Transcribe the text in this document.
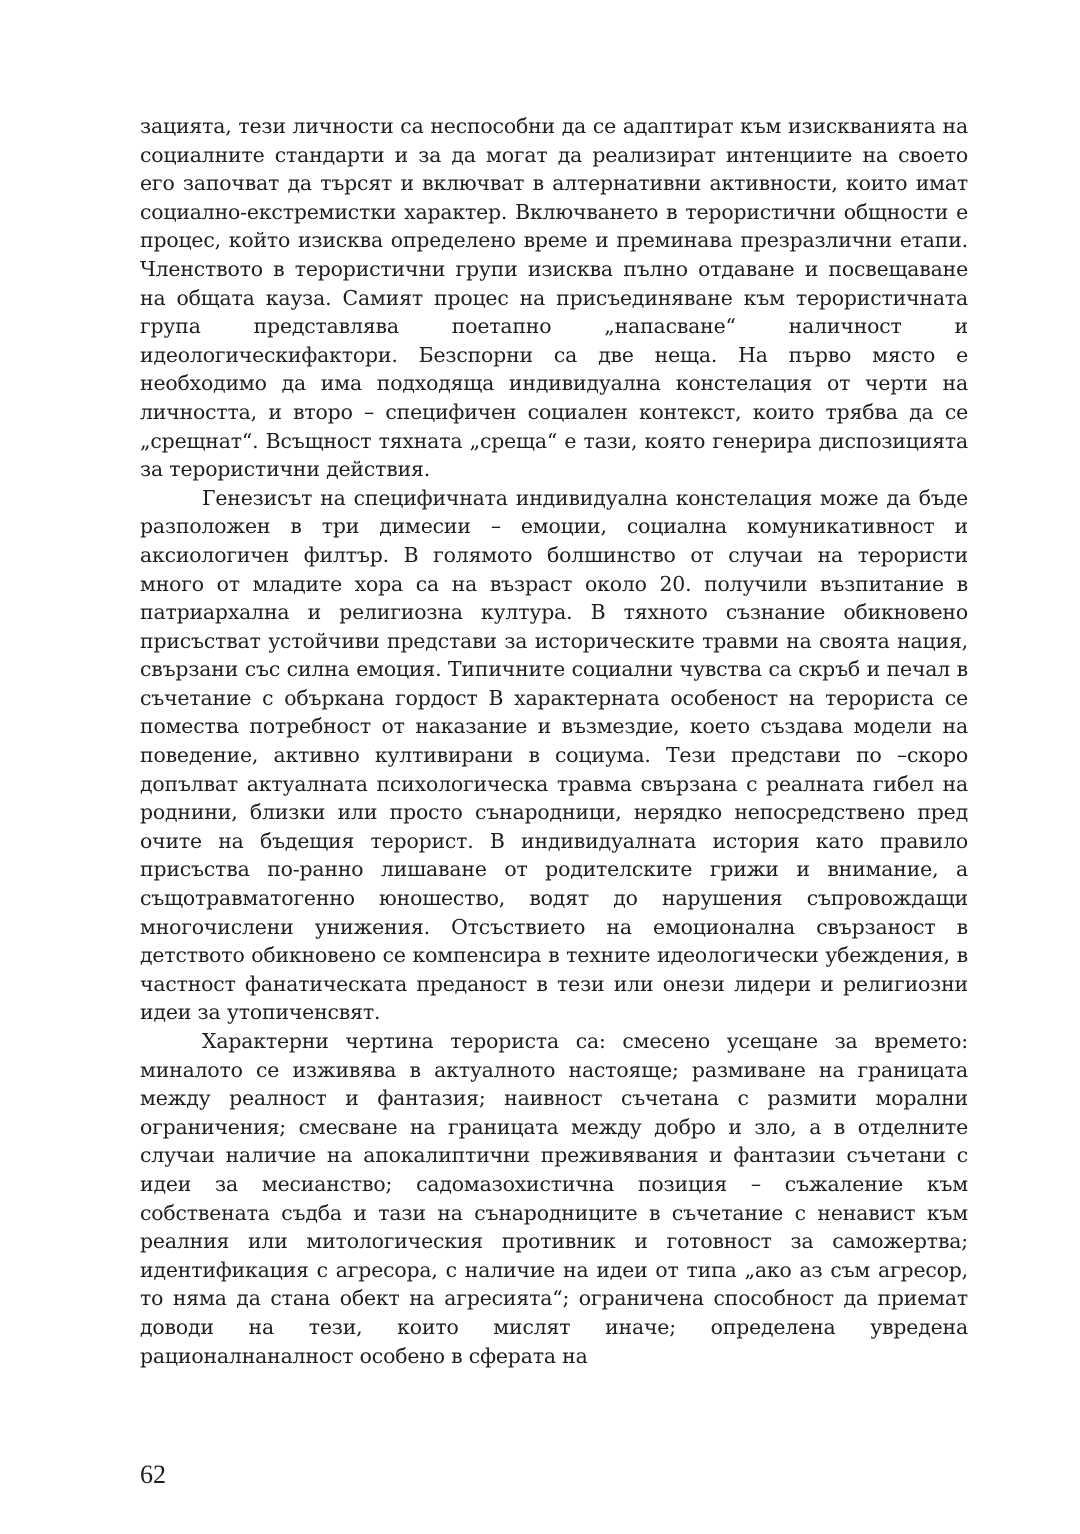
зацията, тези личности са неспособни да се адаптират към изискванията на социалните стандарти и за да могат да реализират интенциите на своето его започват да търсят и включват в алтернативни активности, които имат социално-екстремистки характер. Включването в терористични общности е процес, който изисква определено време и преминава презразлични етапи. Членството в терористични групи изисква пълно отдаване и посвещаване на общата кауза. Самият процес на присъединяване към терористичната група представлява поетапно „напасване“ наличност и идеологическифактори. Безспорни са две неща. На първо място е необходимо да има подходяща индивидуална констелация от черти на личността, и второ – специфичен социален контекст, които трябва да се „срещнат“. Всъщност тяхната „среща“ е тази, която генерира диспозицията за терористични действия.

Генезисът на специфичната индивидуална констелация може да бъде разположен в три димесии – емоции, социална комуникативност и аксиологичен филтър. В голямото болшинство от случаи на терористи много от младите хора са на възраст около 20. получили възпитание в патриархална и религиозна култура. В тяхното съзнание обикновено присъстват устойчиви представи за историческите травми на своята нация, свързани със силна емоция. Типичните социални чувства са скръб и печал в съчетание с объркана гордост В характерната особеност на терориста се помества потребност от наказание и възмездие, което създава модели на поведение, активно култивирани в социума. Тези представи по –скоро допълват актуалната психологическа травма свързана с реалната гибел на роднини, близки или просто сънародници, нерядко непосредствено пред очите на бъдещия терорист. В индивидуалната история като правило присъства по-ранно лишаване от родителските грижи и внимание, а същотравматогенно юношество, водят до нарушения съпровождащи многочислени унижения. Отсъствието на емоционална свързаност в детството обикновено се компенсира в техните идеологически убеждения, в частност фанатическата преданост в тези или онези лидери и религиозни идеи за утопиченсвят.

Характерни чертина терориста са: смесено усещане за времето: миналото се изживява в актуалното настояще; размиване на границата между реалност и фантазия; наивност съчетана с размити морални ограничения; смесване на границата между добро и зло, а в отделните случаи наличие на апокалиптични преживявания и фантазии съчетани с идеи за месианство; садомазохистична позиция – съжаление към собствената съдба и тази на сънародниците в съчетание с ненавист към реалния или митологическия противник и готовност за саможертва; идентификация с агресора, с наличие на идеи от типа „ако аз съм агресор, то няма да стана обект на агресията“; ограничена способност да приемат доводи на тези, които мислят иначе; определена увредена рационалнаналност особено в сферата на

62
